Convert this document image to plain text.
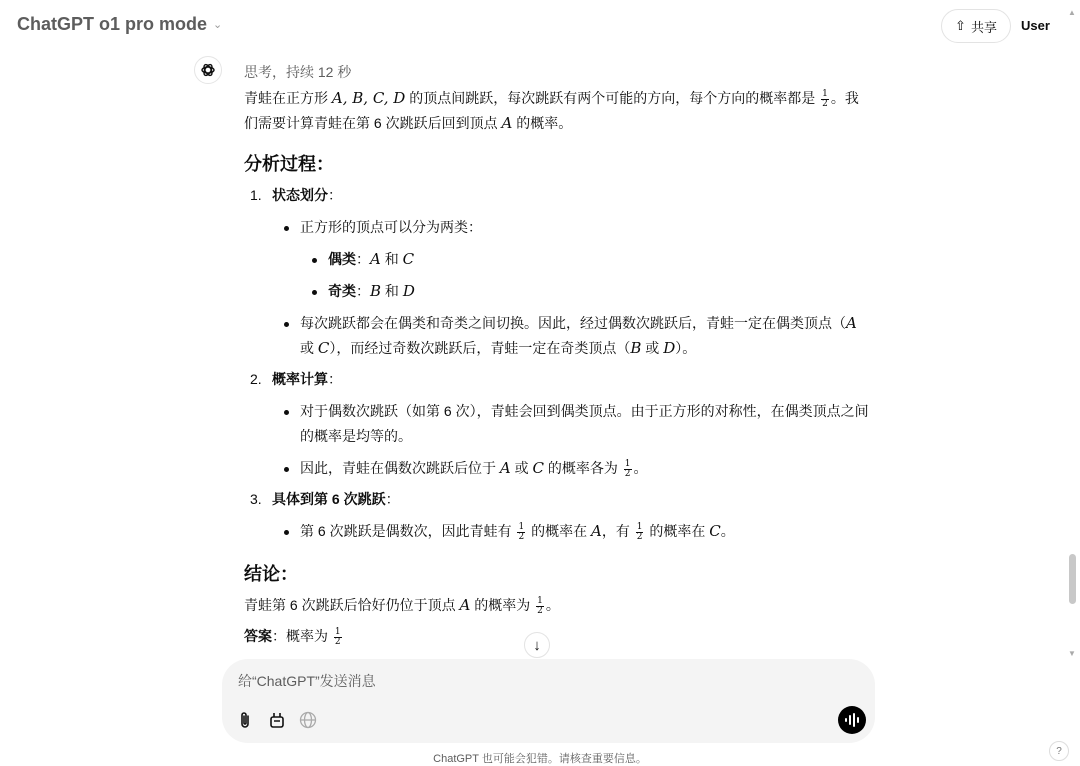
ChatGPT o1 pro mode ⌄	⇧ 共享 User
▲
▼
思考，持续 12 秒

青蛙在正方形 A, B, C, D 的顶点间跳跃，每次跳跃有两个可能的方向，每个方向的概率都是 $\frac{1}{2}$ 。我们需要计算青蛙在第 6 次跳跃后回到顶点 A 的概率。

分析过程：
1. 状态划分：
正方形的顶点可以分为两类：
偶类：A 和 C
奇类：B 和 D
每次跳跃都会在偶类和奇类之间切换。因此，经过偶数次跳跃后，青蛙一定在偶类顶点（A 或 C），而经过奇数次跳跃后，青蛙一定在奇类顶点（B 或 D）。
2. 概率计算：
对于偶数次跳跃（如第 6 次），青蛙会回到偶类顶点。由于正方形的对称性，在偶类顶点之间的概率是均等的。
因此，青蛙在偶数次跳跃后位于 A 或 C 的概率各为 $\frac{1}{2}$ 。
3. 具体到第 6 次跳跃：
第 6 次跳跃是偶数次，因此青蛙有 $\frac{1}{2}$ 的概率在 A，有 $\frac{1}{2}$ 的概率在 C。
结论：

青蛙第 6 次跳跃后恰好仍位于顶点 A 的概率为 $\frac{1}{2}$ 。

答案：概率为 $\frac{1}{2}$	↓
给“ChatGPT”发送消息
ChatGPT 也可能会犯错。请核查重要信息。
?
